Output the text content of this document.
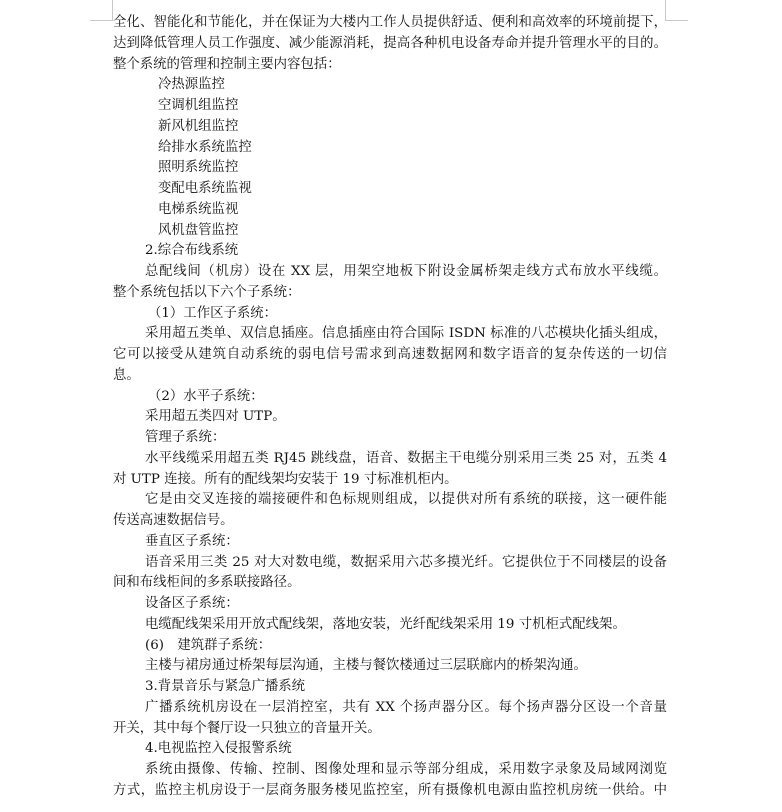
全化、智能化和节能化，并在保证为大楼内工作人员提供舒适、便利和高效率的环境前提下，
达到降低管理人员工作强度、减少能源消耗，提高各种机电设备寿命并提升管理水平的目的。
整个系统的管理和控制主要内容包括：
冷热源监控
空调机组监控
新风机组监控
给排水系统监控
照明系统监控
变配电系统监视
电梯系统监视
风机盘管监控
2.综合布线系统
总配线间（机房）设在 XX 层，用架空地板下附设金属桥架走线方式布放水平线缆。
整个系统包括以下六个子系统：
（1）工作区子系统：
采用超五类单、双信息插座。信息插座由符合国际 ISDN 标准的八芯模块化插头组成，
它可以接受从建筑自动系统的弱电信号需求到高速数据网和数字语音的复杂传送的一切信
息。
（2）水平子系统：
采用超五类四对 UTP。
管理子系统：
水平线缆采用超五类 RJ45 跳线盘，语音、数据主干电缆分别采用三类 25 对，五类 4
对 UTP 连接。所有的配线架均安装于 19 寸标准机柜内。
它是由交叉连接的端接硬件和色标规则组成，以提供对所有系统的联接，这一硬件能
传送高速数据信号。
垂直区子系统：
语音采用三类 25 对大对数电缆，数据采用六芯多摸光纤。它提供位于不同楼层的设备
间和布线柜间的多系联接路径。
设备区子系统：
电缆配线架采用开放式配线架，落地安装，光纤配线架采用 19 寸机柜式配线架。
(6)　建筑群子系统：
主楼与裙房通过桥架每层沟通，主楼与餐饮楼通过三层联廊内的桥架沟通。
3.背景音乐与紧急广播系统
广播系统机房设在一层消控室，共有 XX 个扬声器分区。每个扬声器分区设一个音量
开关，其中每个餐厅设一只独立的音量开关。
4.电视监控入侵报警系统
系统由摄像、传输、控制、图像处理和显示等部分组成，采用数字录象及局域网浏览
方式，监控主机房设于一层商务服务楼见监控室，所有摄像机电源由监控机房统一供给。中
